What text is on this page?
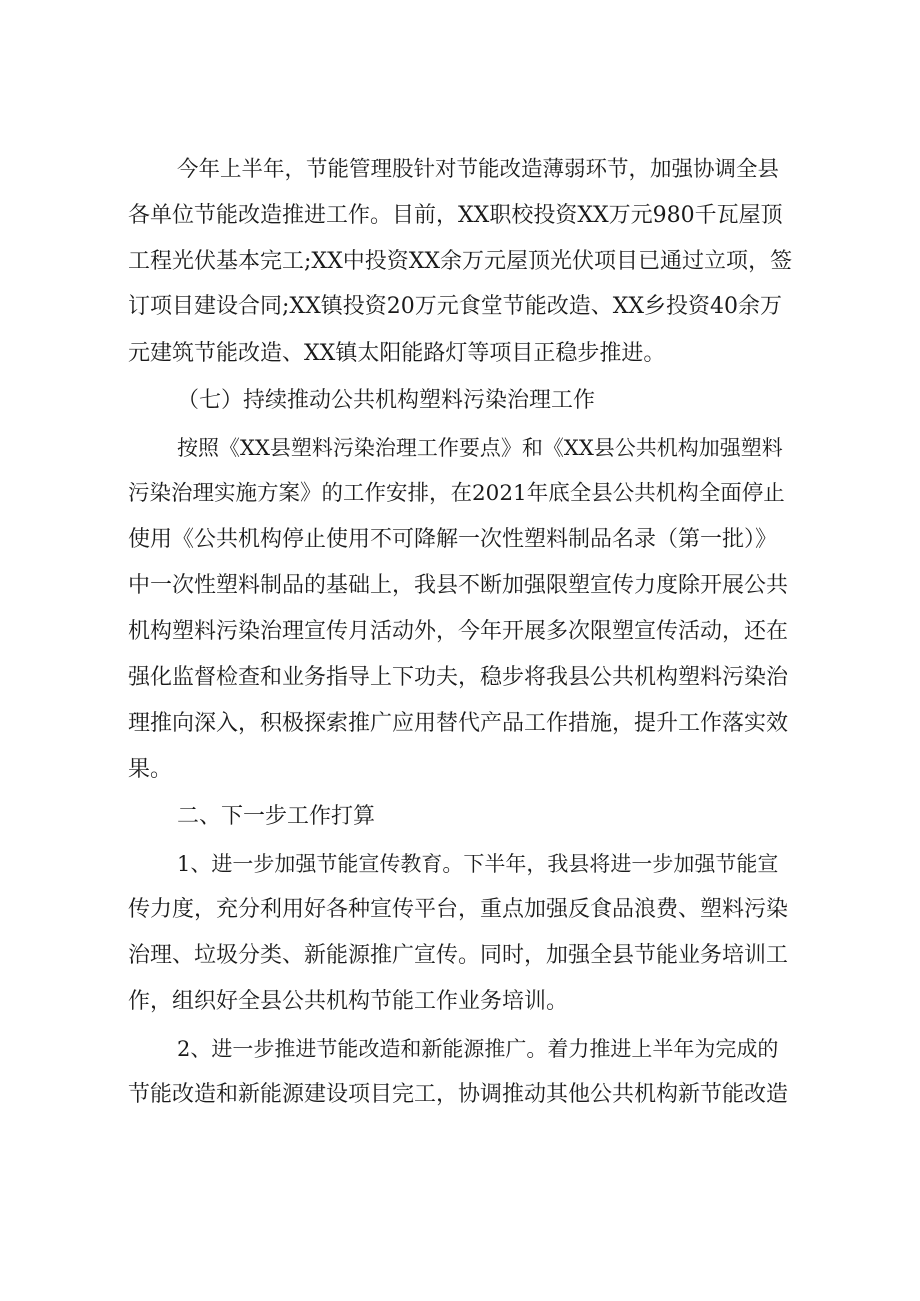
今年上半年，节能管理股针对节能改造薄弱环节，加强协调全县

各单位节能改造推进工作。目前，XX职校投资XX万元980千瓦屋顶

工程光伏基本完工;XX中投资XX余万元屋顶光伏项目已通过立项，签

订项目建设合同;XX镇投资20万元食堂节能改造、XX乡投资40余万

元建筑节能改造、XX镇太阳能路灯等项目正稳步推进。

（七）持续推动公共机构塑料污染治理工作

按照《XX县塑料污染治理工作要点》和《XX县公共机构加强塑料

污染治理实施方案》的工作安排，在2021年底全县公共机构全面停止

使用《公共机构停止使用不可降解一次性塑料制品名录（第一批）》

中一次性塑料制品的基础上，我县不断加强限塑宣传力度除开展公共

机构塑料污染治理宣传月活动外，今年开展多次限塑宣传活动，还在

强化监督检查和业务指导上下功夫，稳步将我县公共机构塑料污染治

理推向深入，积极探索推广应用替代产品工作措施，提升工作落实效

果。

二、下一步工作打算

1、进一步加强节能宣传教育。下半年，我县将进一步加强节能宣

传力度，充分利用好各种宣传平台，重点加强反食品浪费、塑料污染

治理、垃圾分类、新能源推广宣传。同时，加强全县节能业务培训工

作，组织好全县公共机构节能工作业务培训。

2、进一步推进节能改造和新能源推广。着力推进上半年为完成的

节能改造和新能源建设项目完工，协调推动其他公共机构新节能改造
